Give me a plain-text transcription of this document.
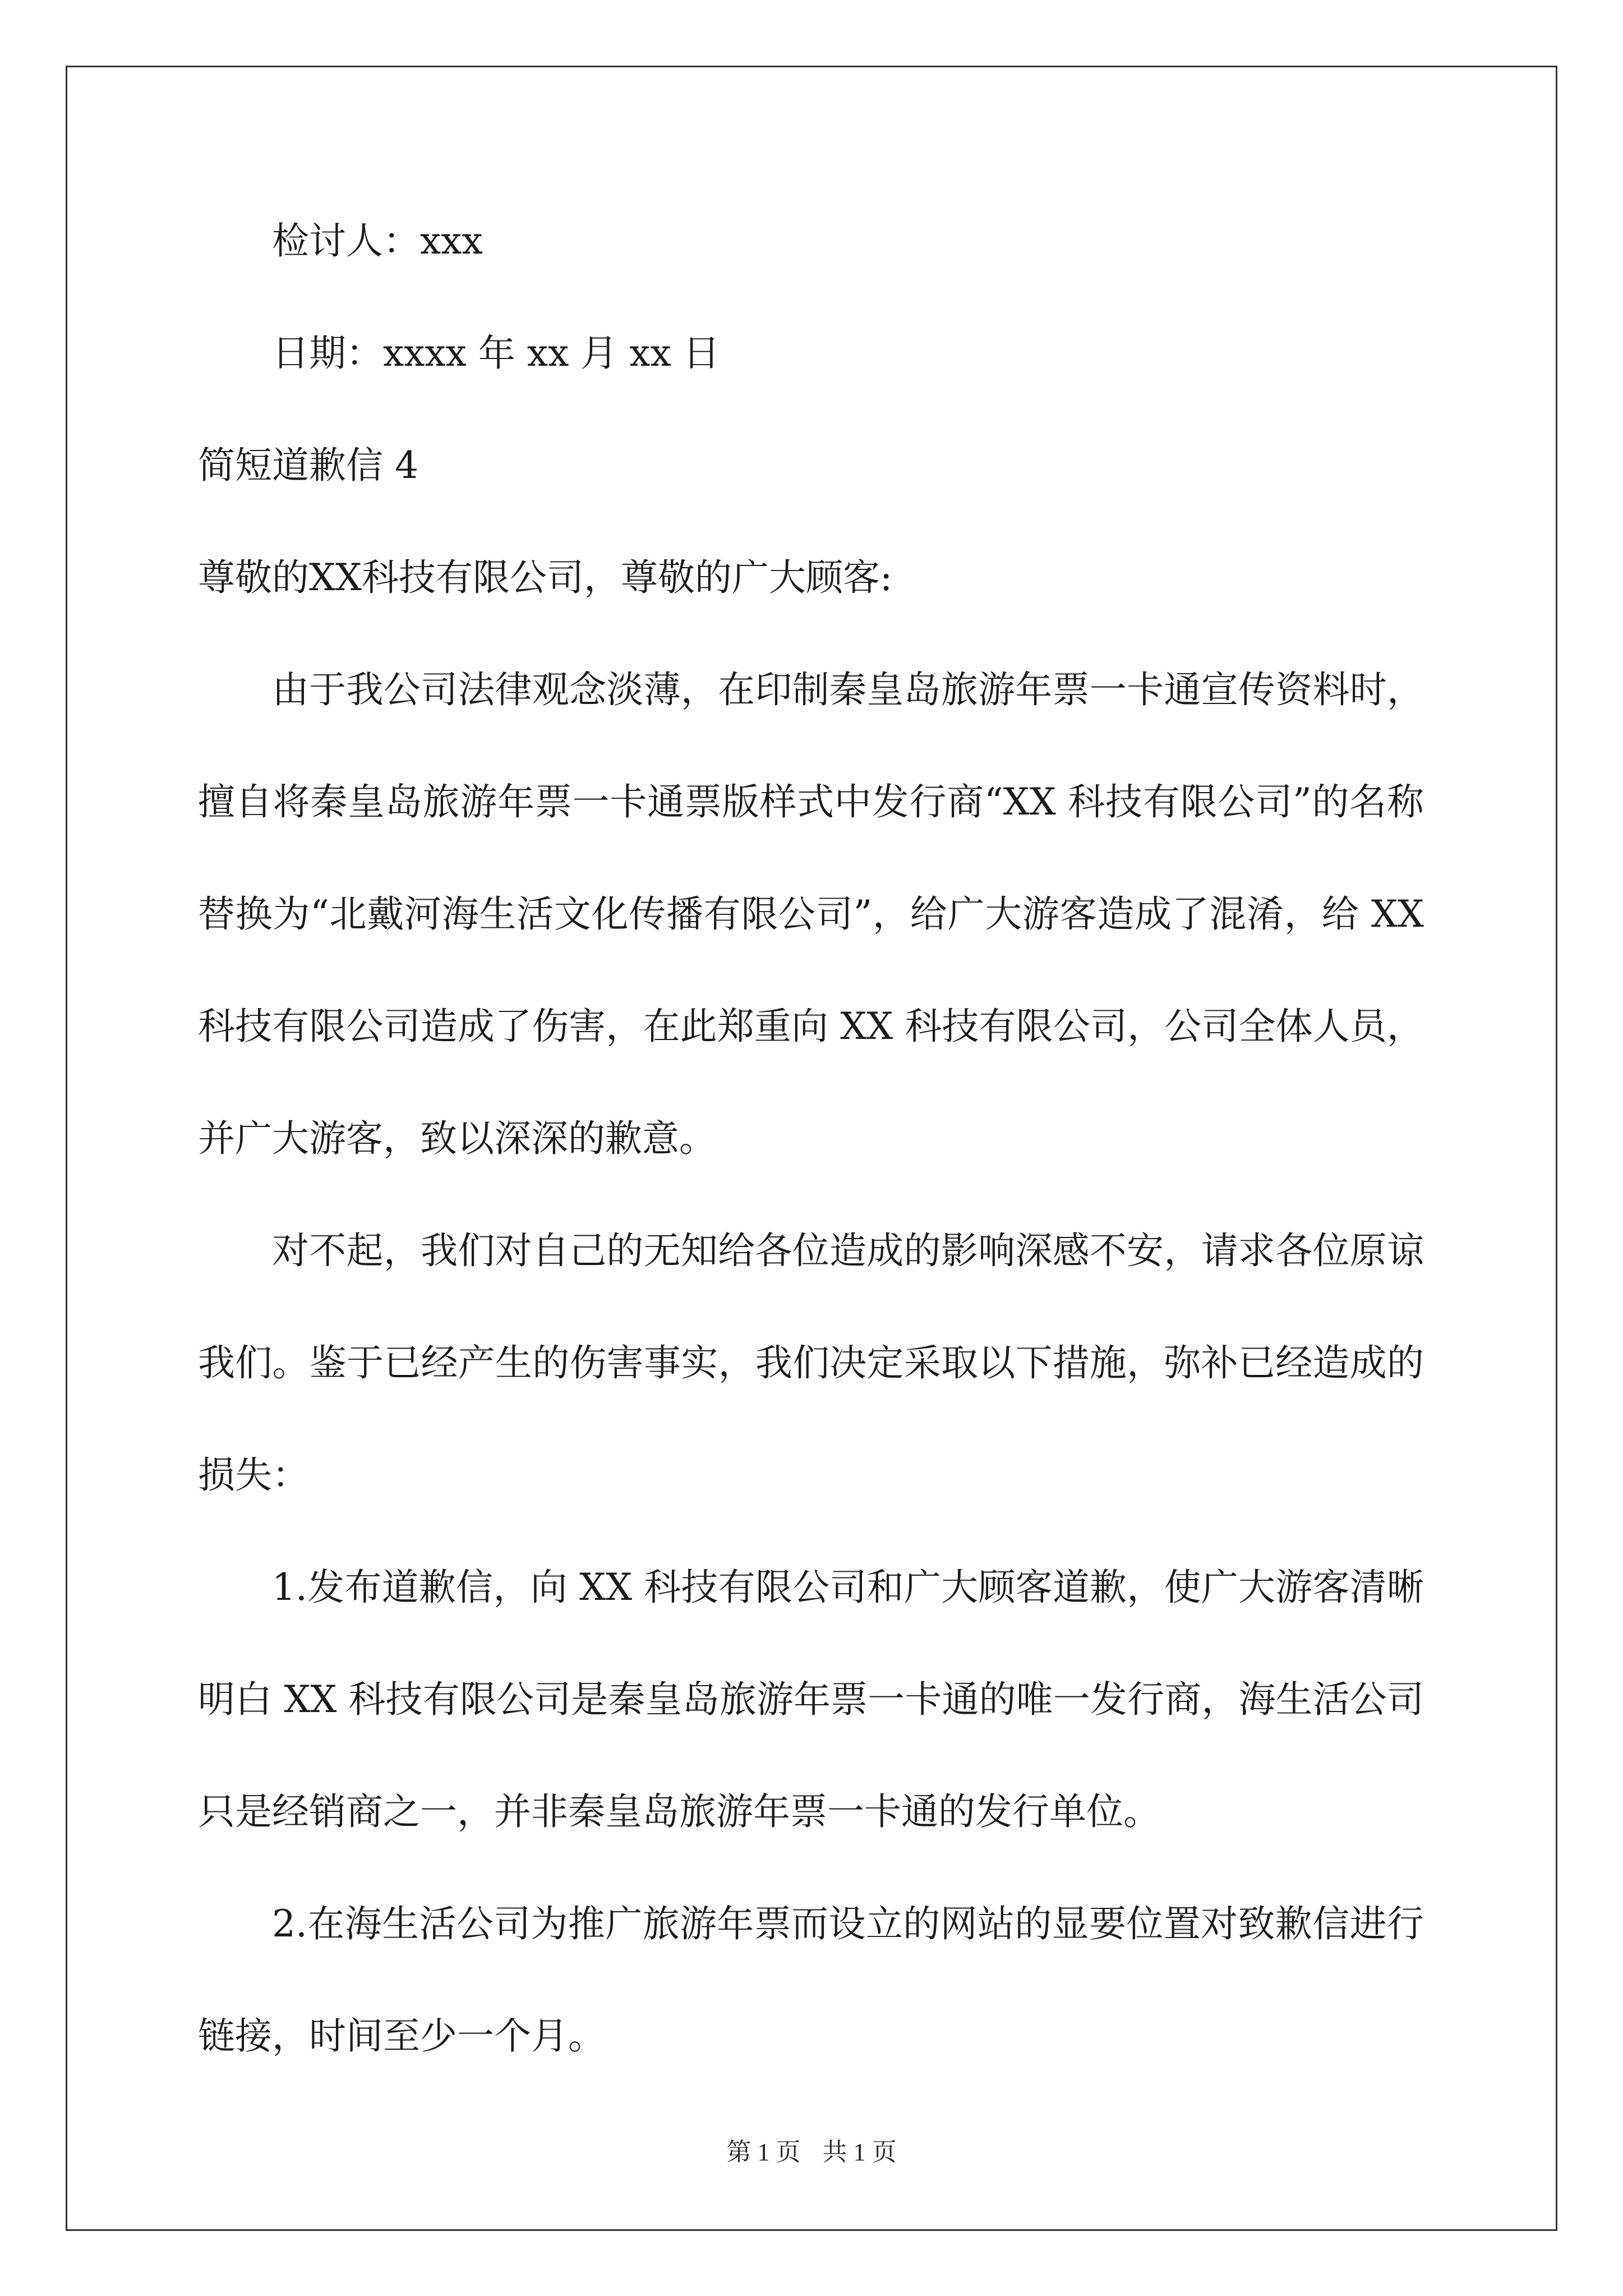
检讨人：xxx

日期：xxxx 年 xx 月 xx 日

简短道歉信 4

尊敬的XX科技有限公司，尊敬的广大顾客:

由于我公司法律观念淡薄，在印制秦皇岛旅游年票一卡通宣传资料时，擅自将秦皇岛旅游年票一卡通票版样式中发行商“XX 科技有限公司”的名称替换为“北戴河海生活文化传播有限公司”，给广大游客造成了混淆，给 XX 科技有限公司造成了伤害，在此郑重向 XX 科技有限公司，公司全体人员，并广大游客，致以深深的歉意。

对不起，我们对自己的无知给各位造成的影响深感不安，请求各位原谅我们。鉴于已经产生的伤害事实，我们决定采取以下措施，弥补已经造成的损失：

1.发布道歉信，向 XX 科技有限公司和广大顾客道歉，使广大游客清晰明白 XX 科技有限公司是秦皇岛旅游年票一卡通的唯一发行商，海生活公司只是经销商之一，并非秦皇岛旅游年票一卡通的发行单位。

2.在海生活公司为推广旅游年票而设立的网站的显要位置对致歉信进行链接，时间至少一个月。

第 1 页 共 1 页
